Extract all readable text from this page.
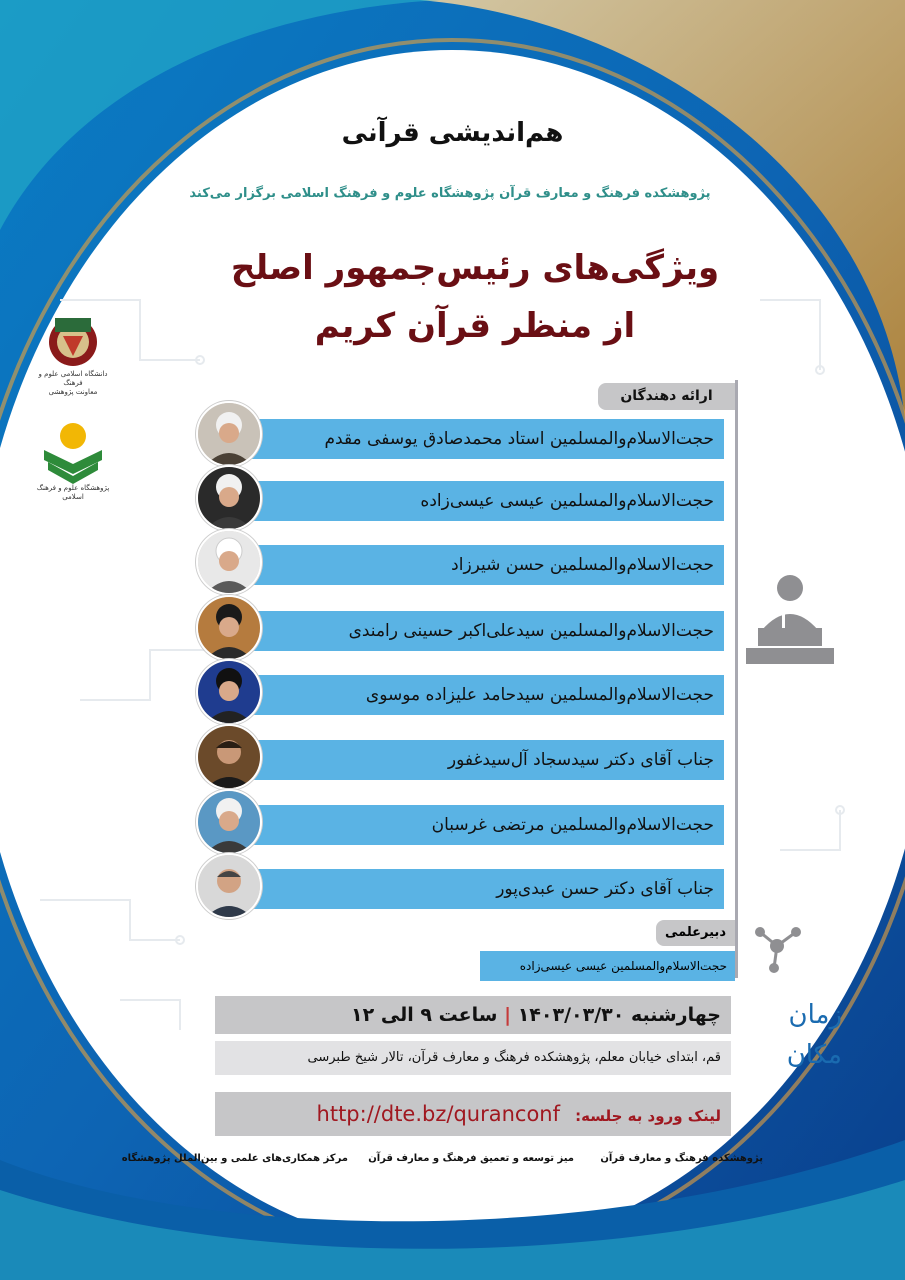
دانشگاه اسلامی علوم و فرهنگ
معاونت پژوهشی
پژوهشگاه علوم و فرهنگ اسلامی
هم‌اندیشی قرآنی
پژوهشکده فرهنگ و معارف قرآن پژوهشگاه علوم و فرهنگ اسلامی برگزار می‌کند
ویژگی‌های رئیس‌جمهور اصلح
از منظر قرآن کریم
ارائه دهندگان
حجت‌الاسلام‌والمسلمین استاد محمدصادق یوسفی مقدم
حجت‌الاسلام‌والمسلمین عیسی عیسی‌زاده
حجت‌الاسلام‌والمسلمین حسن شیرزاد
حجت‌الاسلام‌والمسلمین سیدعلی‌اکبر حسینی رامندی
حجت‌الاسلام‌والمسلمین سیدحامد علیزاده موسوی
جناب آقای دکتر سیدسجاد آل‌سیدغفور
حجت‌الاسلام‌والمسلمین مرتضی غرسبان
جناب آقای دکتر حسن عبدی‌پور
دبیرعلمی
حجت‌الاسلام‌والمسلمین عیسی عیسی‌زاده
چهارشنبه ۱۴۰۳/۰۳/۳۰ | ساعت ۹ الی ۱۲
قم، ابتدای خیابان معلم، پژوهشکده فرهنگ و معارف قرآن، تالار شیخ طبرسی
زمان
مکان
لینک ورود به جلسه: http://dte.bz/quranconf
پژوهشکده فرهنگ و معارف قرآن
میز توسعه و تعمیق فرهنگ و معارف قرآن
مرکز همکاری‌های علمی و بین‌الملل پژوهشگاه
